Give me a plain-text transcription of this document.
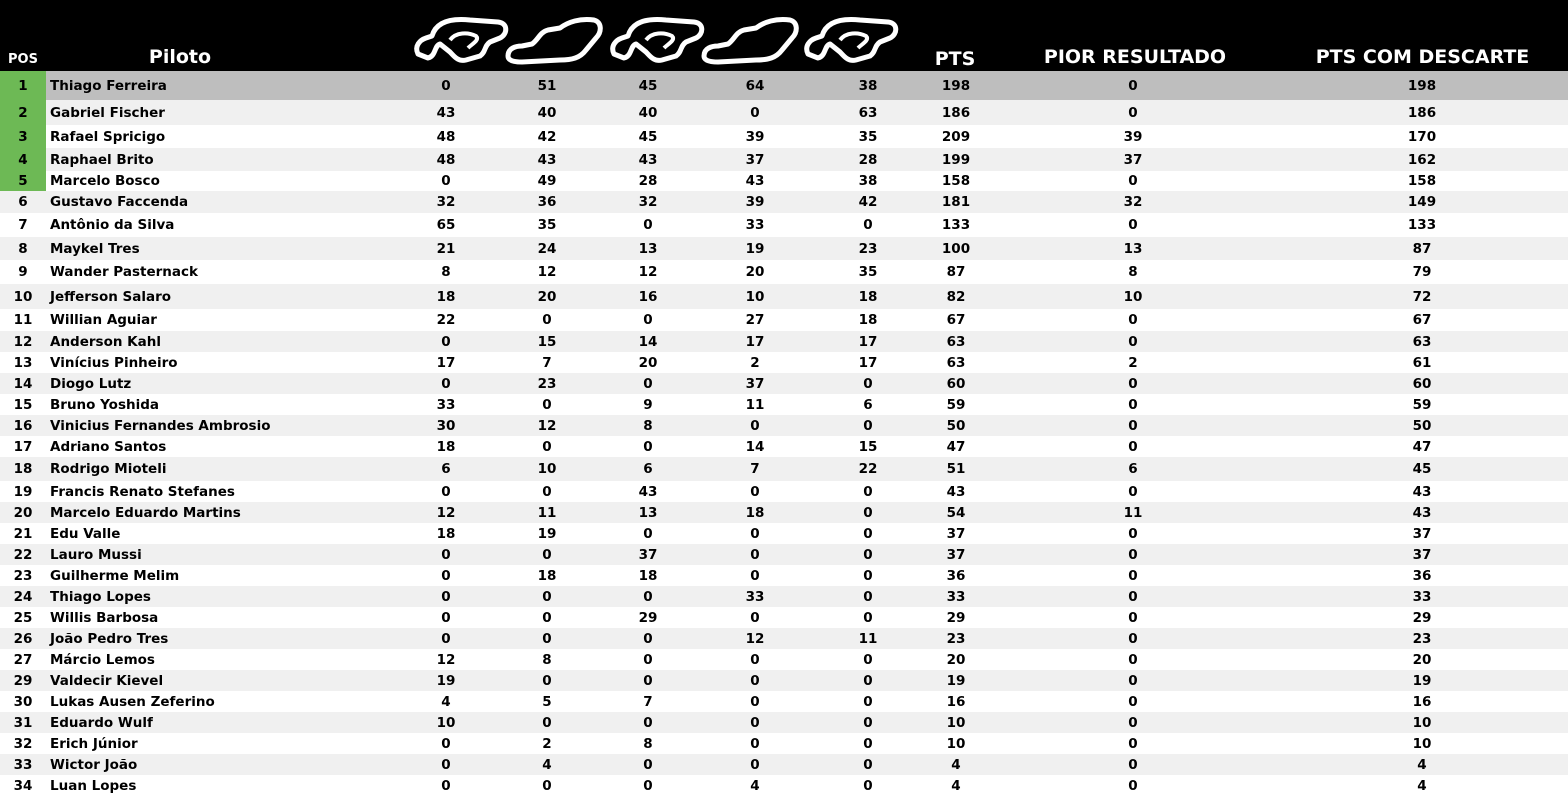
POS	Piloto	PTS	PIOR RESULTADO	PTS COM DESCARTE
1	Thiago Ferreira	0	51	45	64	38	198	0	198
2	Gabriel Fischer	43	40	40	0	63	186	0	186
3	Rafael Spricigo	48	42	45	39	35	209	39	170
4	Raphael Brito	48	43	43	37	28	199	37	162
5	Marcelo Bosco	0	49	28	43	38	158	0	158
6	Gustavo Faccenda	32	36	32	39	42	181	32	149
7	Antônio da Silva	65	35	0	33	0	133	0	133
8	Maykel Tres	21	24	13	19	23	100	13	87
9	Wander Pasternack	8	12	12	20	35	87	8	79
10	Jefferson Salaro	18	20	16	10	18	82	10	72
11	Willian Aguiar	22	0	0	27	18	67	0	67
12	Anderson Kahl	0	15	14	17	17	63	0	63
13	Vinícius Pinheiro	17	7	20	2	17	63	2	61
14	Diogo Lutz	0	23	0	37	0	60	0	60
15	Bruno Yoshida	33	0	9	11	6	59	0	59
16	Vinicius Fernandes Ambrosio	30	12	8	0	0	50	0	50
17	Adriano Santos	18	0	0	14	15	47	0	47
18	Rodrigo Mioteli	6	10	6	7	22	51	6	45
19	Francis Renato Stefanes	0	0	43	0	0	43	0	43
20	Marcelo Eduardo Martins	12	11	13	18	0	54	11	43
21	Edu Valle	18	19	0	0	0	37	0	37
22	Lauro Mussi	0	0	37	0	0	37	0	37
23	Guilherme Melim	0	18	18	0	0	36	0	36
24	Thiago Lopes	0	0	0	33	0	33	0	33
25	Willis Barbosa	0	0	29	0	0	29	0	29
26	João Pedro Tres	0	0	0	12	11	23	0	23
27	Márcio Lemos	12	8	0	0	0	20	0	20
29	Valdecir Kievel	19	0	0	0	0	19	0	19
30	Lukas Ausen Zeferino	4	5	7	0	0	16	0	16
31	Eduardo Wulf	10	0	0	0	0	10	0	10
32	Erich Júnior	0	2	8	0	0	10	0	10
33	Wictor João	0	4	0	0	0	4	0	4
34	Luan Lopes	0	0	0	4	0	4	0	4
